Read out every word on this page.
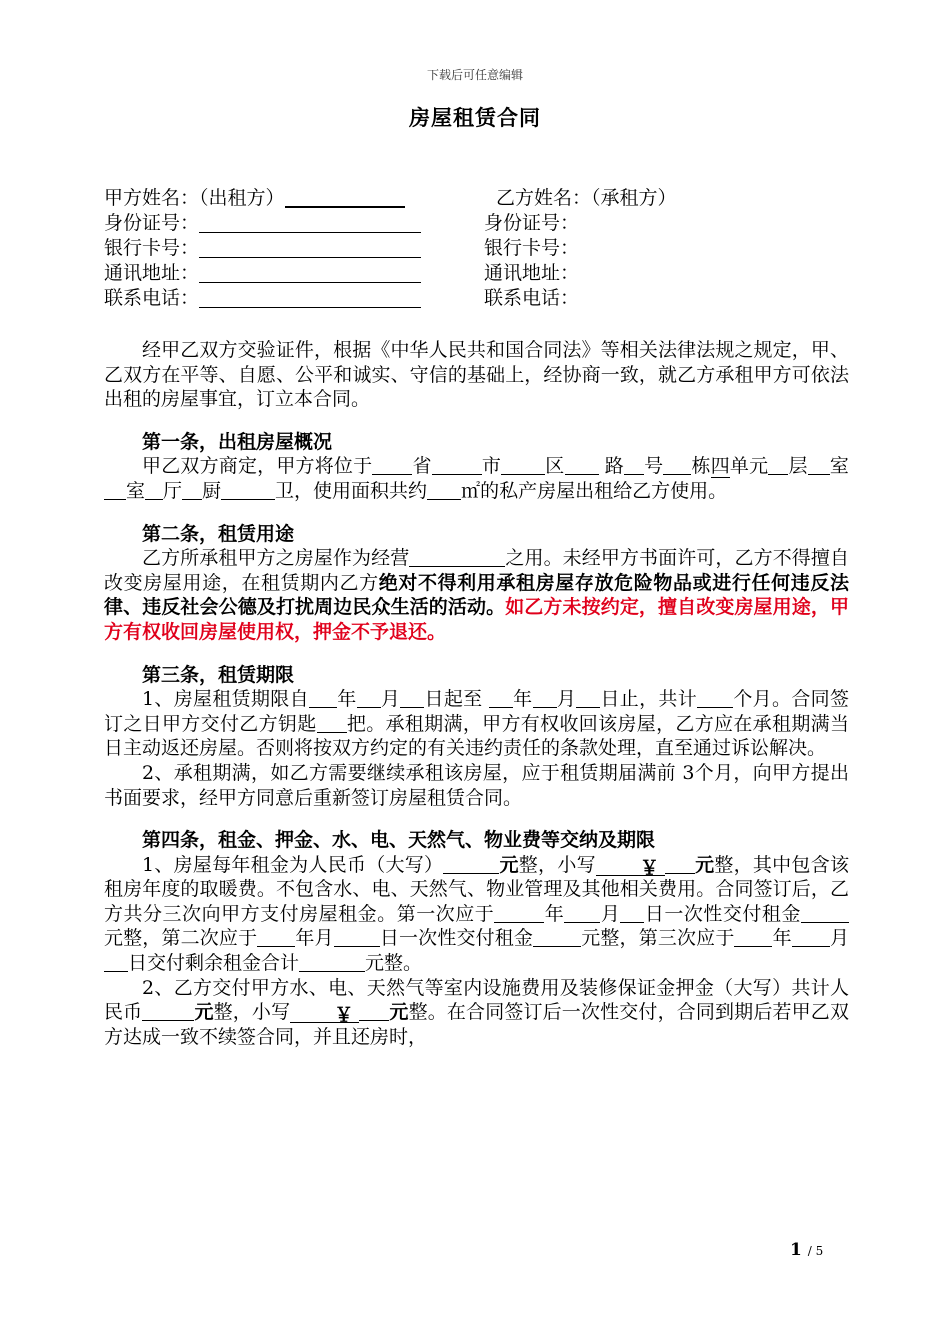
下载后可任意编辑
房屋租赁合同
甲方姓名：（出租方）	乙方姓名：（承租方）
身份证号：	身份证号：
银行卡号：	银行卡号：
通讯地址：	通讯地址：
联系电话：	联系电话：

经甲乙双方交验证件，根据《中华人民共和国合同法》等相关法律法规之规定，甲、乙双方在平等、自愿、公平和诚实、守信的基础上，经协商一致，就乙方承租甲方可依法出租的房屋事宜，订立本合同。

第一条，出租房屋概况

甲乙双方商定，甲方将位于 省	市 区 路 号 栋四单元 层 室室 厅 厨	卫，使用面积共约 ㎡的私产房屋出租给乙方使用。

第二条，租赁用途

乙方所承租甲方之房屋作为经营	之用。未经甲方书面许可，乙方不得擅自改变房屋用途，在租赁期内乙方绝对不得利用承租房屋存放危险物品或进行任何违反法律、违反社会公德及打扰周边民众生活的活动。如乙方未按约定，擅自改变房屋用途，甲方有权收回房屋使用权，押金不予退还。

第三条，租赁期限

1、房屋租赁期限自 年 月 日起至 年 月 日止，共计 个月。合同签订之日甲方交付乙方钥匙 把。承租期满，甲方有权收回该房屋，乙方应在承租期满当日主动返还房屋。否则将按双方约定的有关违约责任的条款处理，直至通过诉讼解决。

2、承租期满，如乙方需要继续承租该房屋，应于租赁期届满前 3个月，向甲方提出书面要求，经甲方同意后重新签订房屋租赁合同。

第四条，租金、押金、水、电、天然气、物业费等交纳及期限

1、房屋每年租金为人民币（大写）	元整，小写 ￥ 元整，其中包含该租房年度的取暖费。不包含水、电、天然气、物业管理及其他相关费用。合同签订后，乙方共分三次向甲方支付房屋租金。第一次应于	年 月 日一次性交付租金元整，第二次应于 年月 日一次性交付租金	元整，第三次应于 年 月 日交付剩余租金合计	元整。

2、乙方交付甲方水、电、天然气等室内设施费用及装修保证金押金（大写）共计人民币	元整，小写 ￥ 元整。在合同签订后一次性交付，合同到期后若甲乙双方达成一致不续签合同，并且还房时，

1 / 5
